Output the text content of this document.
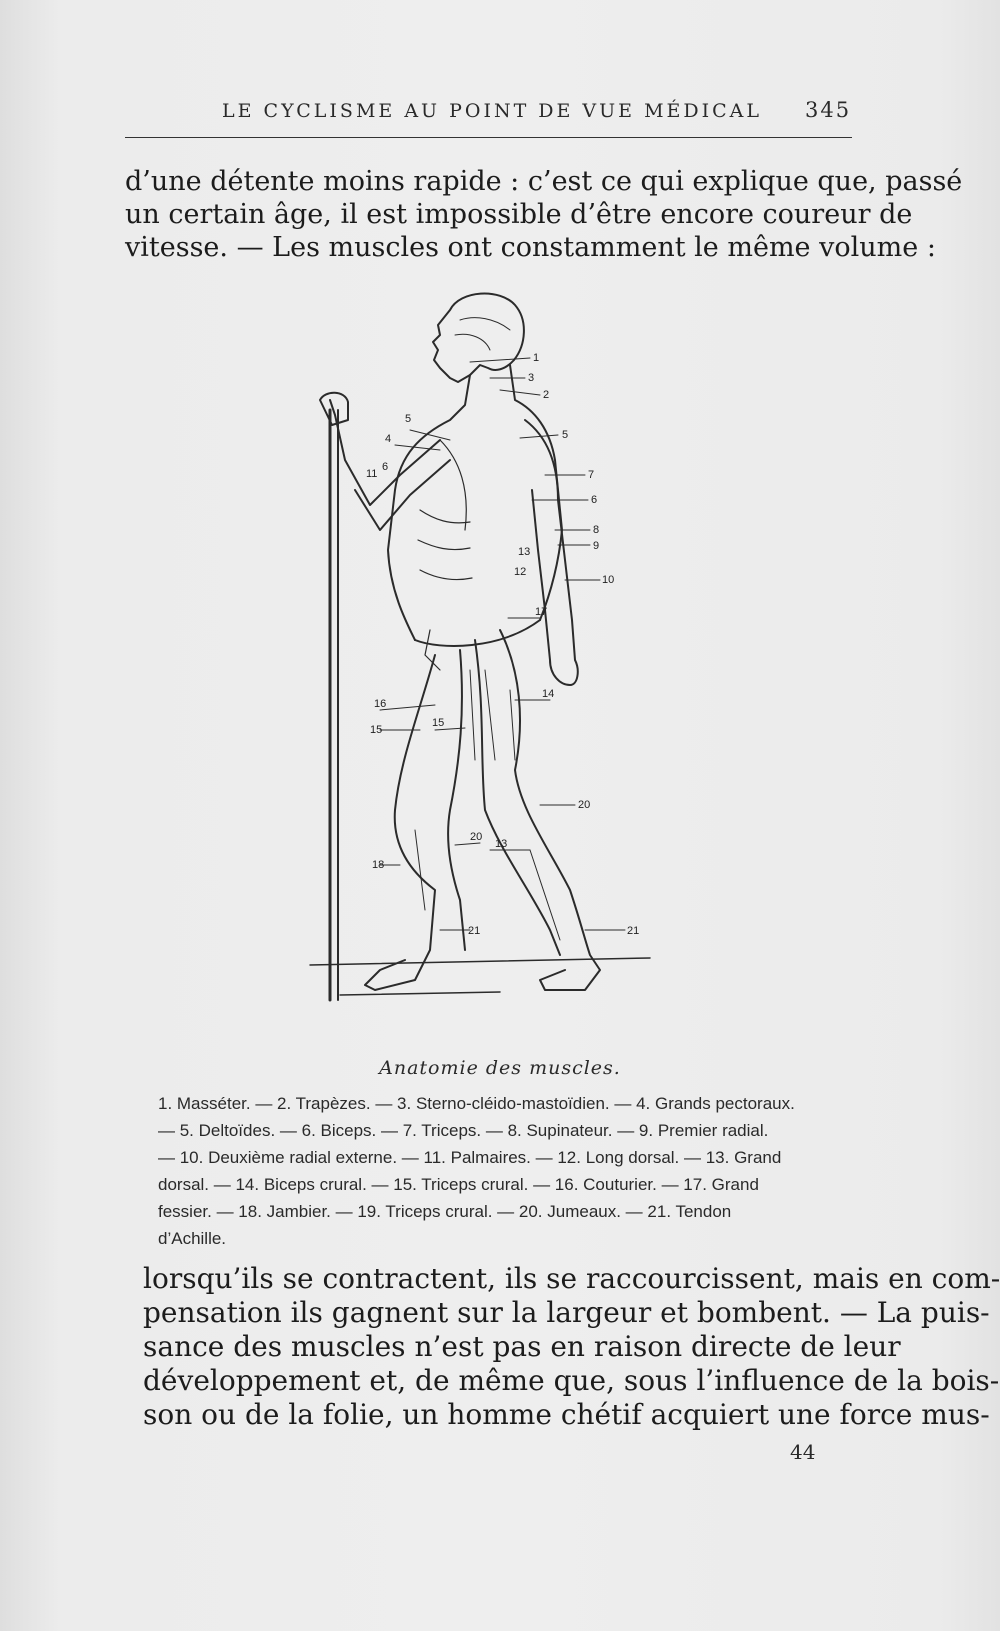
LE CYCLISME AU POINT DE VUE MÉDICAL 345
d’une détente moins rapide : c’est ce qui explique que, passé
un certain âge, il est impossible d’être encore coureur de
vitesse. — Les muscles ont constamment le même volume :
1
3
2
5
4	5
11
6
7
6
8
9
13
12
10
17
14
16
15
15
20
20
18
13
21	21
Anatomie des muscles.
1. Masséter. — 2. Trapèzes. — 3. Sterno-cléido-mastoïdien. — 4. Grands pectoraux.
— 5. Deltoïdes. — 6. Biceps. — 7. Triceps. — 8. Supinateur. — 9. Premier radial.
— 10. Deuxième radial externe. — 11. Palmaires. — 12. Long dorsal. — 13. Grand
dorsal. — 14. Biceps crural. — 15. Triceps crural. — 16. Couturier. — 17. Grand
fessier. — 18. Jambier. — 19. Triceps crural. — 20. Jumeaux. — 21. Tendon
d’Achille.
lorsqu’ils se contractent, ils se raccourcissent, mais en com-
pensation ils gagnent sur la largeur et bombent. — La puis-
sance des muscles n’est pas en raison directe de leur
développement et, de même que, sous l’influence de la bois-
son ou de la folie, un homme chétif acquiert une force mus-
44
